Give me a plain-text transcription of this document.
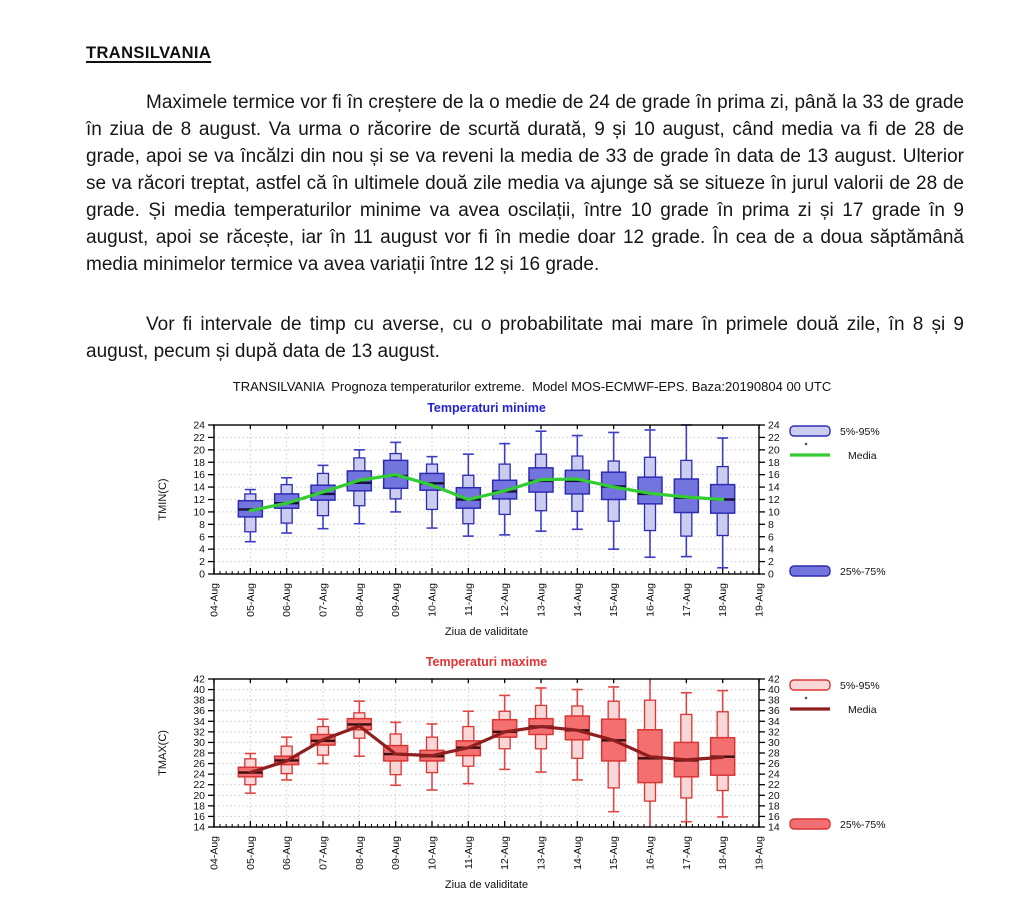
TRANSILVANIA

Maximele termice vor fi în creștere de la o medie de 24 de grade în prima zi, până la 33 de grade în ziua de 8 august. Va urma o răcorire de scurtă durată, 9 și 10 august, când media va fi de 28 de grade, apoi se va încălzi din nou și se va reveni la media de 33 de grade în data de 13 august. Ulterior se va răcori treptat, astfel că în ultimele două zile media va ajunge să se situeze în jurul valorii de 28 de grade. Și media temperaturilor minime va avea oscilații, între 10 grade în prima zi și 17 grade în 9 august, apoi se răcește, iar în 11 august vor fi în medie doar 12 grade. În cea de a doua săptămână media minimelor termice va avea variații între 12 și 16 grade.

Vor fi intervale de timp cu averse, cu o probabilitate mai mare în primele două zile, în 8 și 9 august, pecum și după data de 13 august.

TRANSILVANIA  Prognoza temperaturilor extreme.  Model MOS-ECMWF-EPS. Baza:20190804 00 UTC
Temperaturi minime
0	0
2	2
4	4
6	6
8	8
10	10
12	12
14	14
16	16
18	18
20	20
22	22
24	24
04-Aug 05-Aug 06-Aug 07-Aug 08-Aug 09-Aug 10-Aug 11-Aug 12-Aug 13-Aug 14-Aug 15-Aug 16-Aug 17-Aug 18-Aug 19-Aug
TMIN(C)
Ziua de validitate
5%-95%
Media
25%-75%
Temperaturi maxime
14	14
16	16
18	18
20	20
22	22
24	24
26	26
28	28
30	30
32	32
34	34
36	36
38	38
40	40
42	42
04-Aug 05-Aug 06-Aug 07-Aug 08-Aug 09-Aug 10-Aug 11-Aug 12-Aug 13-Aug 14-Aug 15-Aug 16-Aug 17-Aug 18-Aug 19-Aug
TMAX(C)
Ziua de validitate
5%-95%
Media
25%-75%
